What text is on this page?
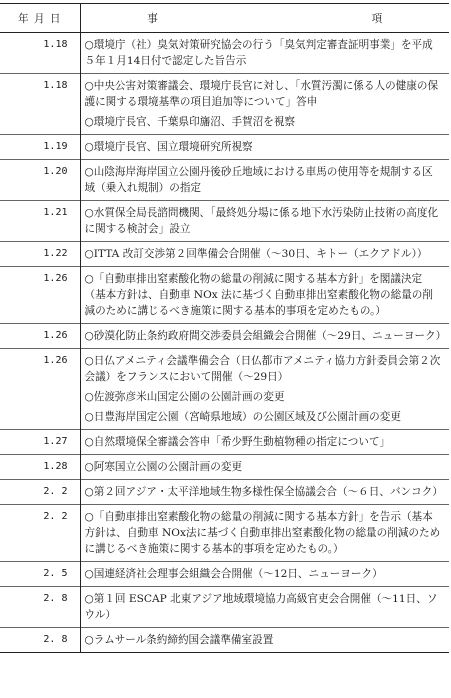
年 月 日	事　　　　　　　　項
1.18	○環境庁（社）臭気対策研究協会の行う「臭気判定審査証明事業」を平成５年１月14日付で認定した旨告示
1.18	○中央公害対策審議会、環境庁長官に対し、「水質汚濁に係る人の健康の保護に関する環境基準の項目追加等について」答申
	○環境庁長官、千葉県印旛沼、手賀沼を視察
1.19	○環境庁長官、国立環境研究所視察
1.20	○山陰海岸海岸国立公園丹後砂丘地域における車馬の使用等を規制する区域（乗入れ規制）の指定
1.21	○水質保全局長諮問機関、「最終処分場に係る地下水汚染防止技術の高度化に関する検討会」設立
1.22	○ITTA 改訂交渉第２回準備会合開催（～30日、キトー（エクアドル））
1.26	○「自動車排出窒素酸化物の総量の削減に関する基本方針」を閣議決定（基本方針は、自動車 NOx 法に基づく自動車排出窒素酸化物の総量の削減のために講じるべき施策に関する基本的事項を定めたもの。）
1.26	○砂漠化防止条約政府間交渉委員会組織会合開催（～29日、ニューヨーク）
1.26	○日仏アメニティ会議準備会合（日仏都市アメニティ協力方針委員会第２次会議）をフランスにおいて開催（～29日）
	○佐渡弥彦米山国定公園の公園計画の変更
	○日豊海岸国定公園（宮崎県地域）の公園区域及び公園計画の変更
1.27	○自然環境保全審議会答申「希少野生動植物種の指定について」
1.28	○阿寒国立公園の公園計画の変更
2. 2	○第２回アジア・太平洋地域生物多様性保全協議会合（～６日、バンコク）
2. 2	○「自動車排出窒素酸化物の総量の削減に関する基本方針」を告示（基本方針は、自動車 NOx法に基づく自動車排出窒素酸化物の総量の削減のために講じるべき施策に関する基本的事項を定めたもの。）
2. 5	○国連経済社会理事会組織会合開催（～12日、ニューヨーク）
2. 8	○第１回 ESCAP 北東アジア地域環境協力高級官吏会合開催（～11日、ソウル）
2. 8	○ラムサール条約締約国会議準備室設置
